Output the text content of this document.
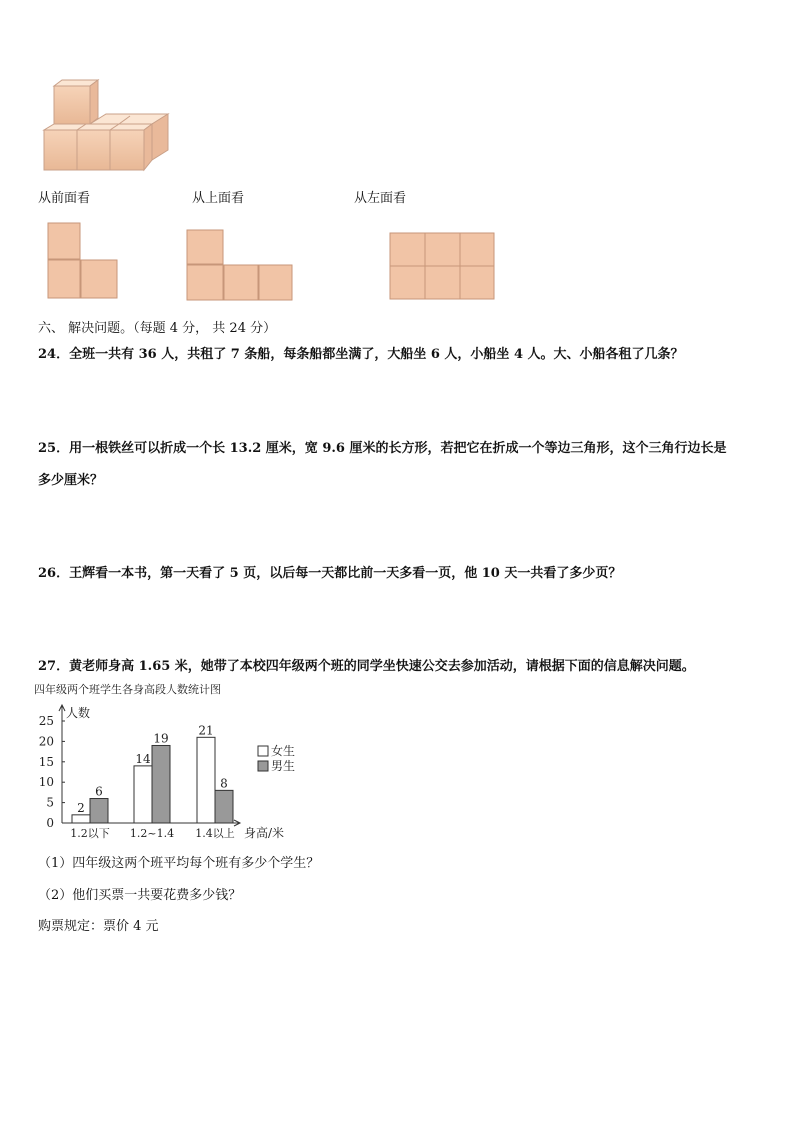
从前面看	从上面看	从左面看
六、 解决问题。（每题 4 分， 共 24 分）
24．全班一共有 36 人，共租了 7 条船，每条船都坐满了，大船坐 6 人，小船坐 4 人。大、小船各租了几条？
25．用一根铁丝可以折成一个长 13.2 厘米，宽 9.6 厘米的长方形，若把它在折成一个等边三角形，这个三角行边长是
多少厘米？
26．王辉看一本书，第一天看了 5 页，以后每一天都比前一天多看一页，他 10 天一共看了多少页？
27．黄老师身高 1.65 米，她带了本校四年级两个班的同学坐快速公交去参加活动，请根据下面的信息解决问题。
四年级两个班学生各身高段人数统计图
人数
身高/米
0
5
10
15
20
25
2
6
1.2以下
14
19
1.2~1.4
21
8
1.4以上
女生
男生
（1）四年级这两个班平均每个班有多少个学生？
（2）他们买票一共要花费多少钱？
购票规定：票价 4 元
